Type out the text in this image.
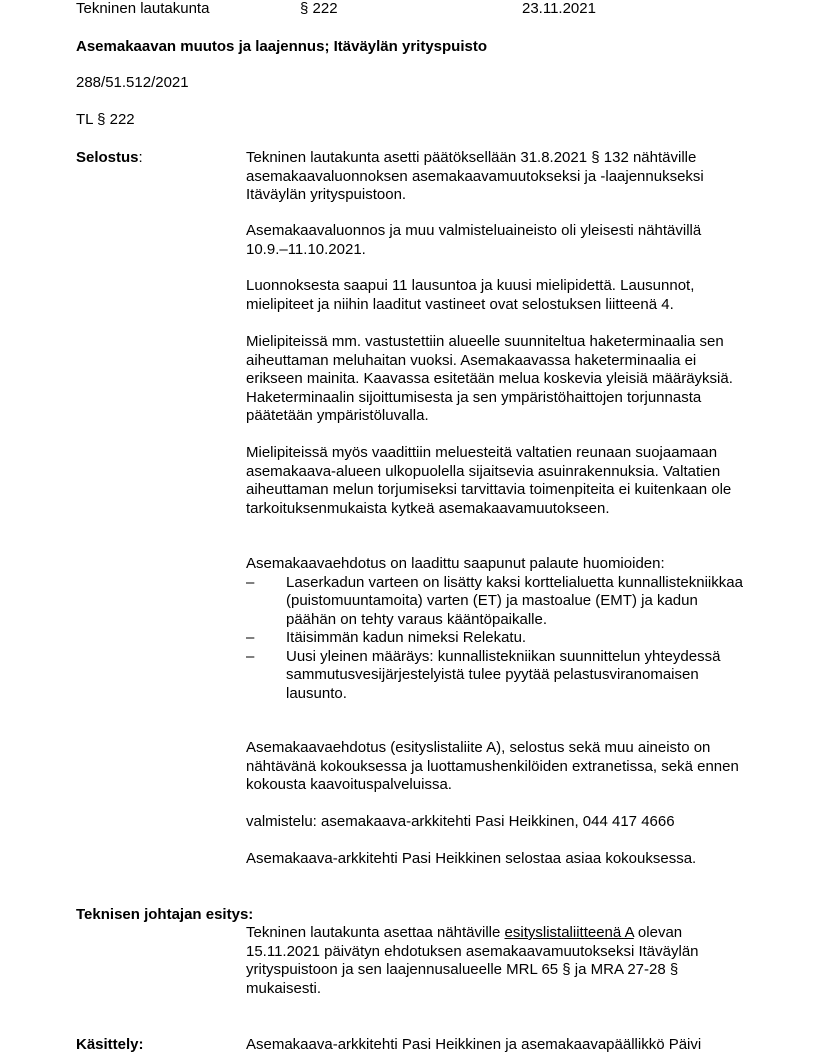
Tekninen lautakunta	§ 222	23.11.2021
Asemakaavan muutos ja laajennus; Itäväylän yrityspuisto
288/51.512/2021
TL § 222
Selostus:	Tekninen lautakunta asetti päätöksellään 31.8.2021 § 132 nähtäville asemakaavaluonnoksen asemakaavamuutokseksi ja -laajennukseksi Itäväylän yrityspuistoon.

Asemakaavaluonnos ja muu valmisteluaineisto oli yleisesti nähtävillä 10.9.–11.10.2021.

Luonnoksesta saapui 11 lausuntoa ja kuusi mielipidettä. Lausunnot, mielipiteet ja niihin laaditut vastineet ovat selostuksen liitteenä 4.

Mielipiteissä mm. vastustettiin alueelle suunniteltua haketerminaalia sen aiheuttaman meluhaitan vuoksi. Asemakaavassa haketerminaalia ei erikseen mainita. Kaavassa esitetään melua koskevia yleisiä määräyksiä. Haketerminaalin sijoittumisesta ja sen ympäristöhaittojen torjunnasta päätetään ympäristöluvalla.

Mielipiteissä myös vaadittiin meluesteitä valtatien reunaan suojaamaan asemakaava-alueen ulkopuolella sijaitsevia asuinrakennuksia. Valtatien aiheuttaman melun torjumiseksi tarvittavia toimenpiteita ei kuitenkaan ole tarkoituksenmukaista kytkeä asemakaavamuutokseen.

Asemakaavaehdotus on laadittu saapunut palaute huomioiden:

– Laserkadun varteen on lisätty kaksi korttelialuetta kunnallistekniikkaa (puistomuuntamoita) varten (ET) ja mastoalue (EMT) ja kadun päähän on tehty varaus kääntöpaikalle.
– Itäisimmän kadun nimeksi Relekatu.
– Uusi yleinen määräys: kunnallistekniikan suunnittelun yhteydessä sammutusvesijärjestelyistä tulee pyytää pelastusviranomaisen lausunto.

Asemakaavaehdotus (esityslistaliite A), selostus sekä muu aineisto on nähtävänä kokouksessa ja luottamushenkilöiden extranetissa, sekä ennen kokousta kaavoituspalveluissa.

valmistelu: asemakaava-arkkitehti Pasi Heikkinen, 044 417 4666

Asemakaava-arkkitehti Pasi Heikkinen selostaa asiaa kokouksessa.

Teknisen johtajan esitys:

Tekninen lautakunta asettaa nähtäville esityslistaliitteenä A olevan 15.11.2021 päivätyn ehdotuksen asemakaavamuutokseksi Itäväylän yrityspuistoon ja sen laajennusalueelle MRL 65 § ja MRA 27-28 § mukaisesti.

Käsittely:	Asemakaava-arkkitehti Pasi Heikkinen ja asemakaavapäällikkö Päivi
